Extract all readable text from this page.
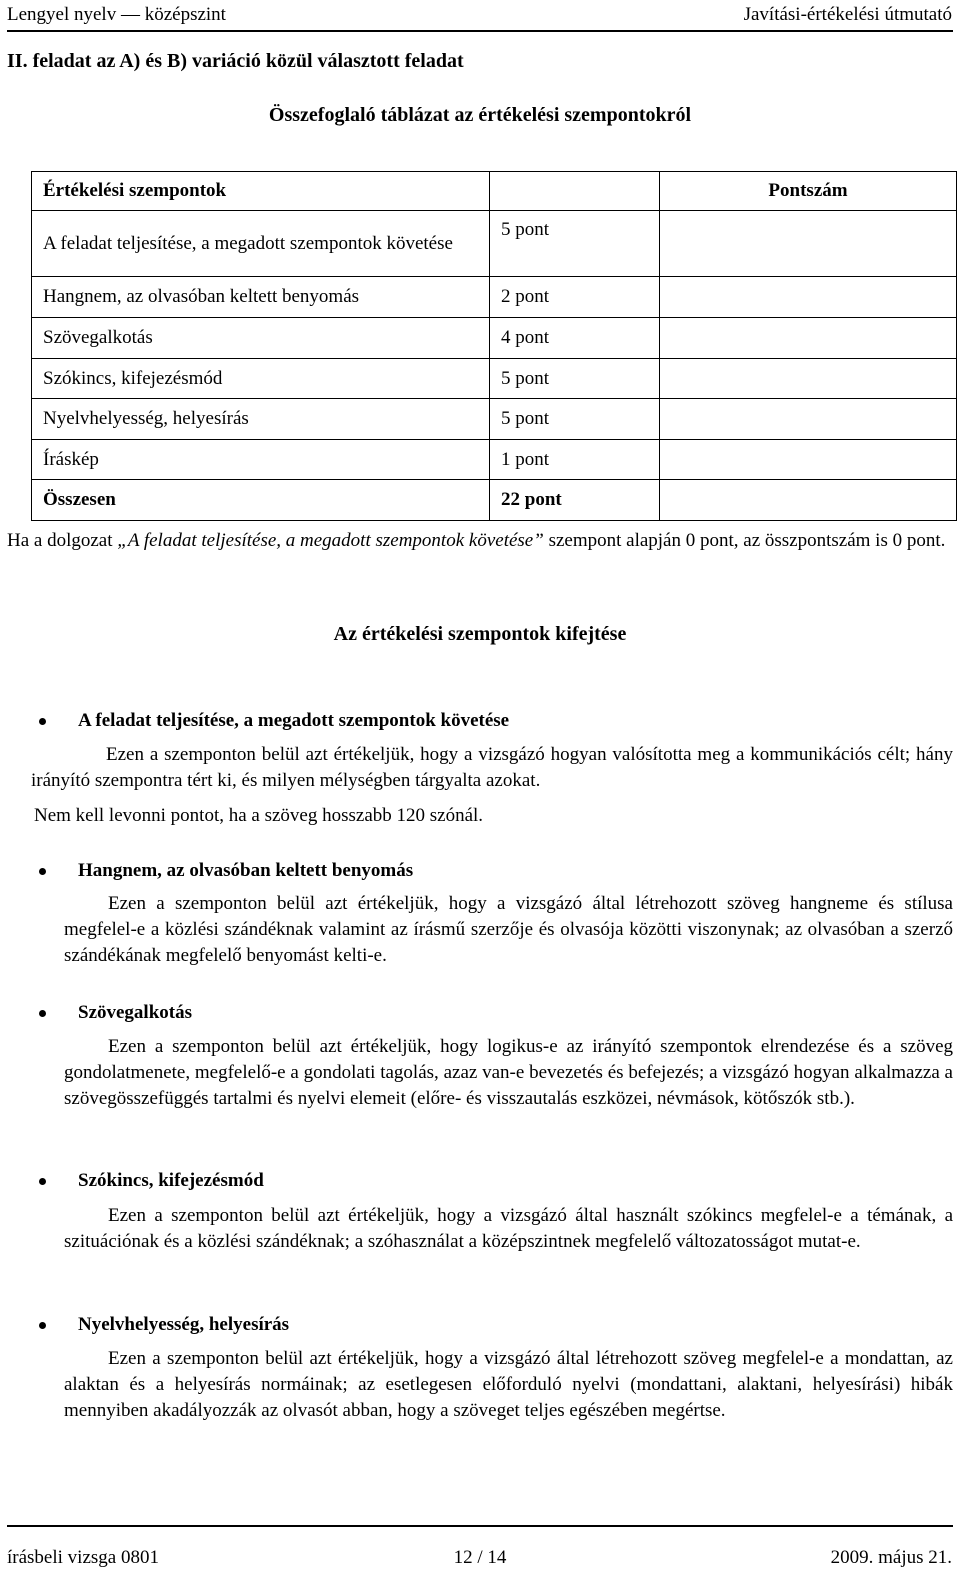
Lengyel nyelv — középszint	Javítási-értékelési útmutató
II. feladat az A) és B) variáció közül választott feladat
Összefoglaló táblázat az értékelési szempontokról
Értékelési szempontok		Pontszám
A feladat teljesítése, a megadott szempontok követése	5 pont	
Hangnem, az olvasóban keltett benyomás	2 pont	
Szövegalkotás	4 pont	
Szókincs, kifejezésmód	5 pont	
Nyelvhelyesség, helyesírás	5 pont	
Íráskép	1 pont	
Összesen	22 pont	
Ha a dolgozat „A feladat teljesítése, a megadott szempontok követése” szempont alapján 0 pont, az összpontszám is 0 pont.
Az értékelési szempontok kifejtése
A feladat teljesítése, a megadott szempontok követése
Ezen a szemponton belül azt értékeljük, hogy a vizsgázó hogyan valósította meg a kommunikációs célt; hány irányító szempontra tért ki, és milyen mélységben tárgyalta azokat.
Nem kell levonni pontot, ha a szöveg hosszabb 120 szónál.
Hangnem, az olvasóban keltett benyomás
Ezen a szemponton belül azt értékeljük, hogy a vizsgázó által létrehozott szöveg hangneme és stílusa megfelel-e a közlési szándéknak valamint az írásmű szerzője és olvasója közötti viszonynak; az olvasóban a szerző szándékának megfelelő benyomást kelti-e.
Szövegalkotás
Ezen a szemponton belül azt értékeljük, hogy logikus-e az irányító szempontok elrendezése és a szöveg gondolatmenete, megfelelő-e a gondolati tagolás, azaz van-e bevezetés és befejezés; a vizsgázó hogyan alkalmazza a szövegösszefüggés tartalmi és nyelvi elemeit (előre- és visszautalás eszközei, névmások, kötőszók stb.).
Szókincs, kifejezésmód
Ezen a szemponton belül azt értékeljük, hogy a vizsgázó által használt szókincs megfelel-e a témának, a szituációnak és a közlési szándéknak; a szóhasználat a középszintnek megfelelő változatosságot mutat-e.
Nyelvhelyesség, helyesírás
Ezen a szemponton belül azt értékeljük, hogy a vizsgázó által létrehozott szöveg megfelel-e a mondattan, az alaktan és a helyesírás normáinak; az esetlegesen előforduló nyelvi (mondattani, alaktani, helyesírási) hibák mennyiben akadályozzák az olvasót abban, hogy a szöveget teljes egészében megértse.
írásbeli vizsga 0801	12 / 14	2009. május 21.
